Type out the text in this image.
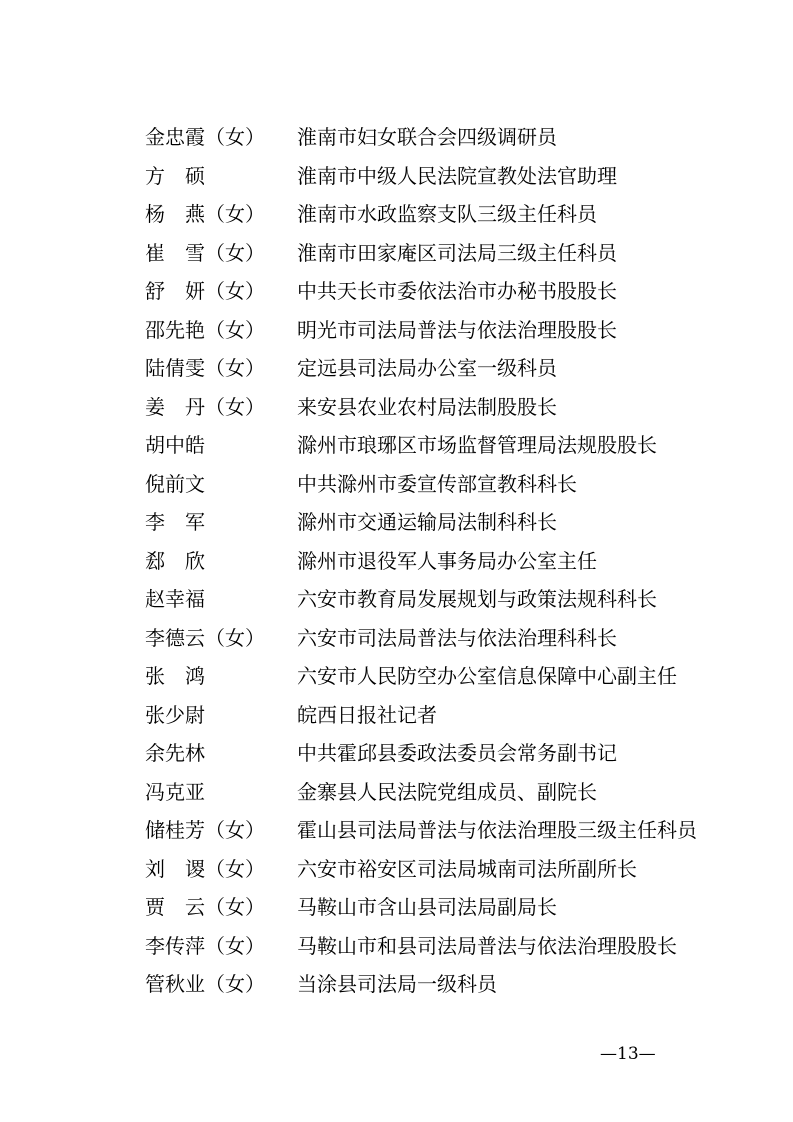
金忠霞（女） 淮南市妇女联合会四级调研员
方　硕	淮南市中级人民法院宣教处法官助理
杨　燕（女） 淮南市水政监察支队三级主任科员
崔　雪（女） 淮南市田家庵区司法局三级主任科员
舒　妍（女） 中共天长市委依法治市办秘书股股长
邵先艳（女） 明光市司法局普法与依法治理股股长
陆倩雯（女） 定远县司法局办公室一级科员
姜　丹（女） 来安县农业农村局法制股股长
胡中皓	滁州市琅琊区市场监督管理局法规股股长
倪前文	中共滁州市委宣传部宣教科科长
李　军	滁州市交通运输局法制科科长
郄　欣	滁州市退役军人事务局办公室主任
赵幸福	六安市教育局发展规划与政策法规科科长
李德云（女） 六安市司法局普法与依法治理科科长
张　鸿	六安市人民防空办公室信息保障中心副主任
张少尉	皖西日报社记者
余先林	中共霍邱县委政法委员会常务副书记
冯克亚	金寨县人民法院党组成员、副院长
储桂芳（女） 霍山县司法局普法与依法治理股三级主任科员
刘　谡（女） 六安市裕安区司法局城南司法所副所长
贾　云（女） 马鞍山市含山县司法局副局长
李传萍（女） 马鞍山市和县司法局普法与依法治理股股长
管秋业（女） 当涂县司法局一级科员
—13—
